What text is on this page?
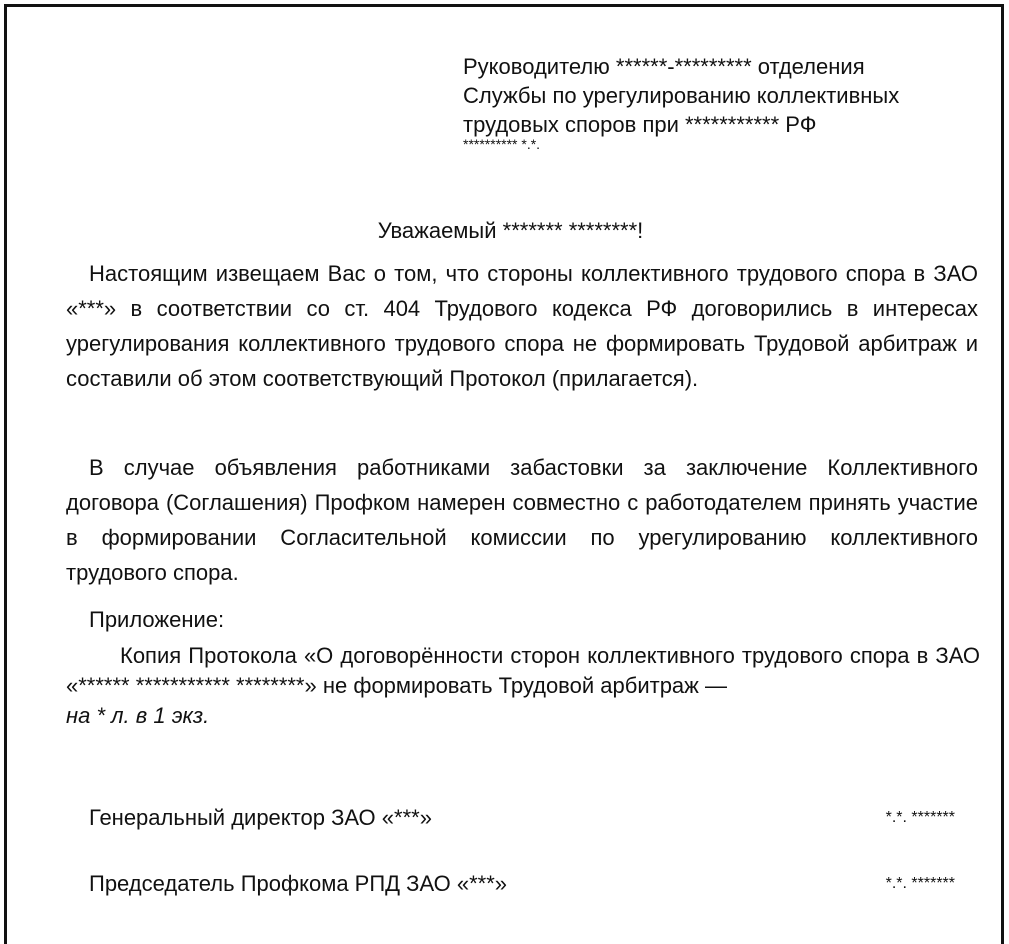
Руководителю ******-********* отделения
Службы по урегулированию коллективных
трудовых споров при *********** РФ
********** *.*.
Уважаемый ******* ********!

Настоящим извещаем Вас о том, что стороны коллективного трудового спора в ЗАО «***» в соответствии со ст. 404 Трудового кодекса РФ договорились в интересах урегулирования коллективного трудового спора не формировать Трудовой арбитраж и составили об этом соответствующий Протокол (прилагается).

В случае объявления работниками забастовки за заключение Коллективного договора (Соглашения) Профком намерен совместно с работодателем принять участие в формировании Согласительной комиссии по урегулированию коллективного трудового спора.

Приложение:
Копия Протокола «О договорённости сторон коллективного трудового спора в ЗАО «****** *********** ********» не формировать Трудовой арбитраж —
на * л. в 1 экз.
Генеральный директор ЗАО «***»	*.*. *******
Председатель Профкома РПД ЗАО «***»	*.*. *******
